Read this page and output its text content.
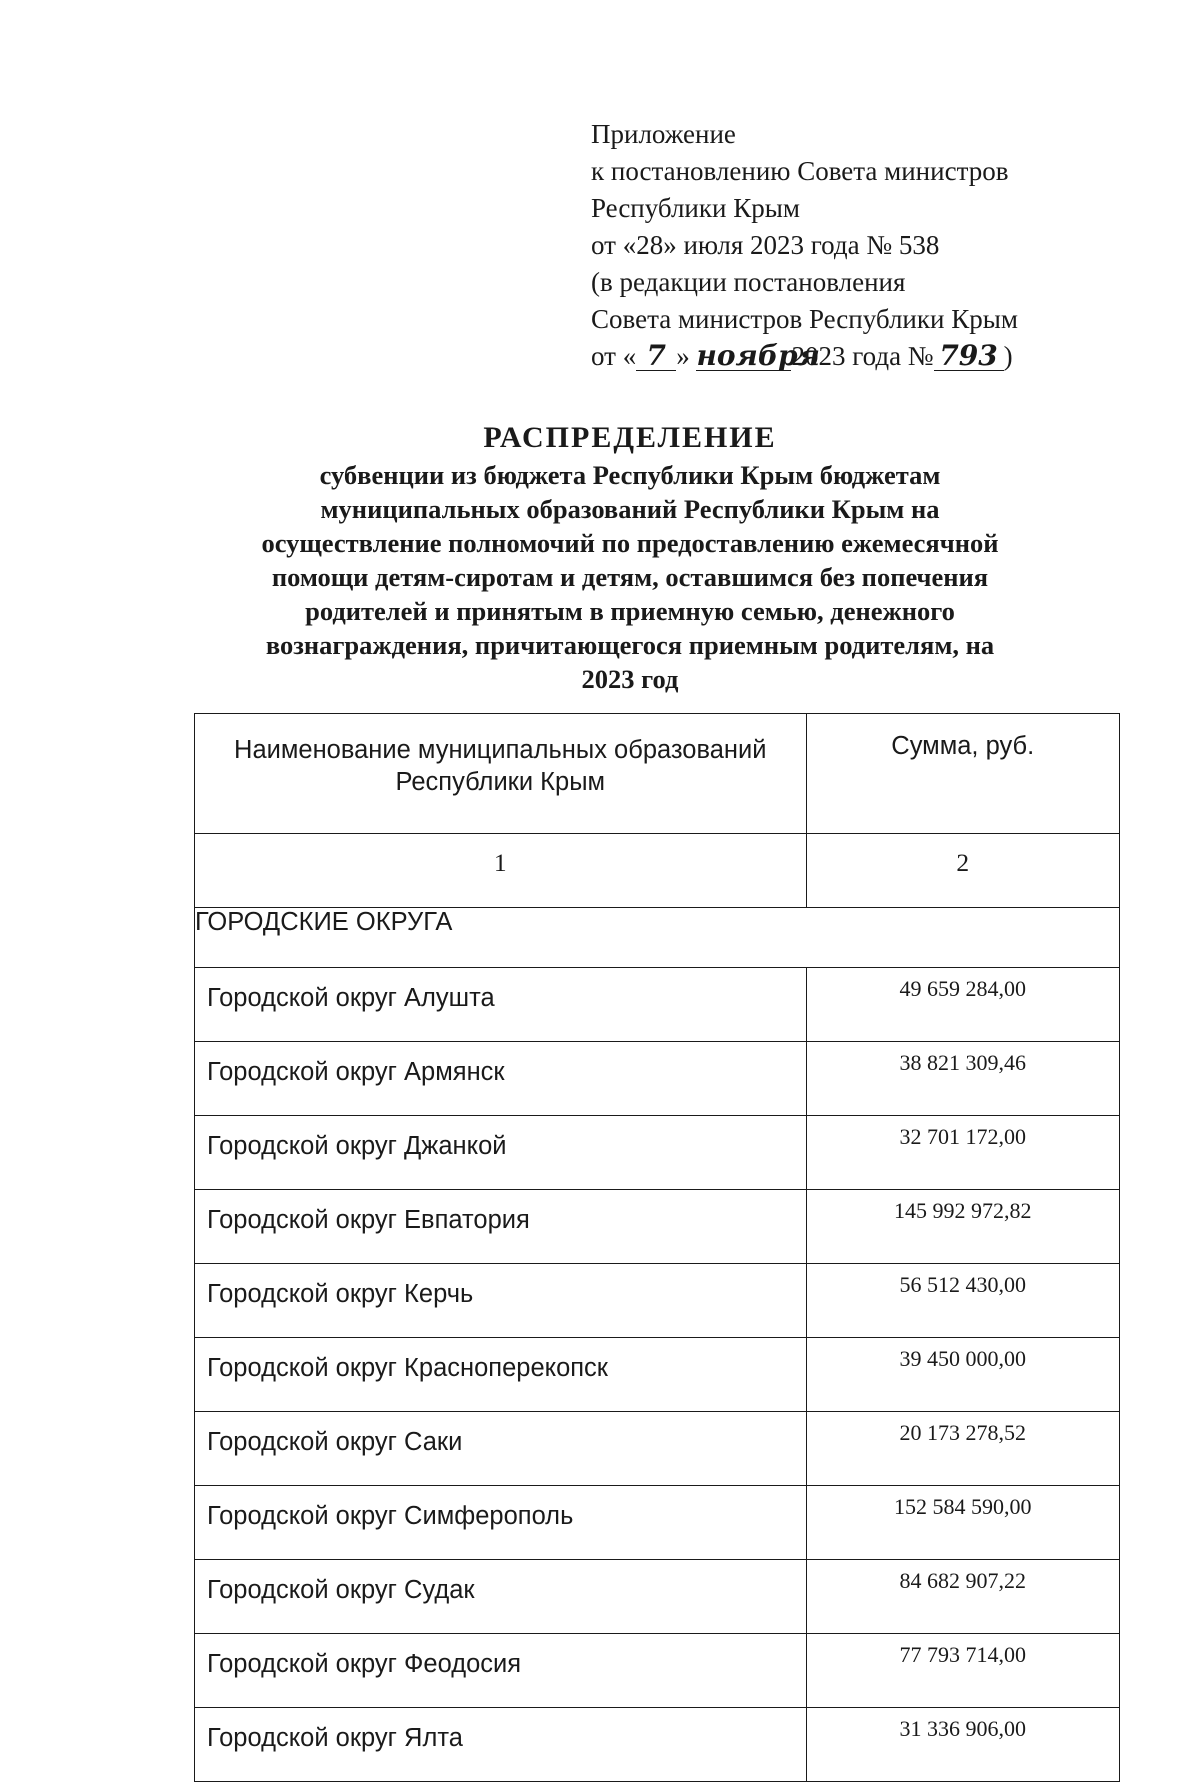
Приложение
к постановлению Совета министров
Республики Крым
от «28» июля 2023 года № 538
(в редакции постановления
Совета министров Республики Крым
от « 7 » ноября2023 года № 793 )
РАСПРЕДЕЛЕНИЕ
субвенции из бюджета Республики Крым бюджетам
муниципальных образований Республики Крым на
осуществление полномочий по предоставлению ежемесячной
помощи детям-сиротам и детям, оставшимся без попечения
родителей и принятым в приемную семью, денежного
вознаграждения, причитающегося приемным родителям, на
2023 год
Наименование муниципальных образований
Республики Крым	Сумма, руб.
1	2
ГОРОДСКИЕ ОКРУГА	
Городской округ Алушта	49 659 284,00
Городской округ Армянск	38 821 309,46
Городской округ Джанкой	32 701 172,00
Городской округ Евпатория	145 992 972,82
Городской округ Керчь	56 512 430,00
Городской округ Красноперекопск	39 450 000,00
Городской округ Саки	20 173 278,52
Городской округ Симферополь	152 584 590,00
Городской округ Судак	84 682 907,22
Городской округ Феодосия	77 793 714,00
Городской округ Ялта	31 336 906,00
